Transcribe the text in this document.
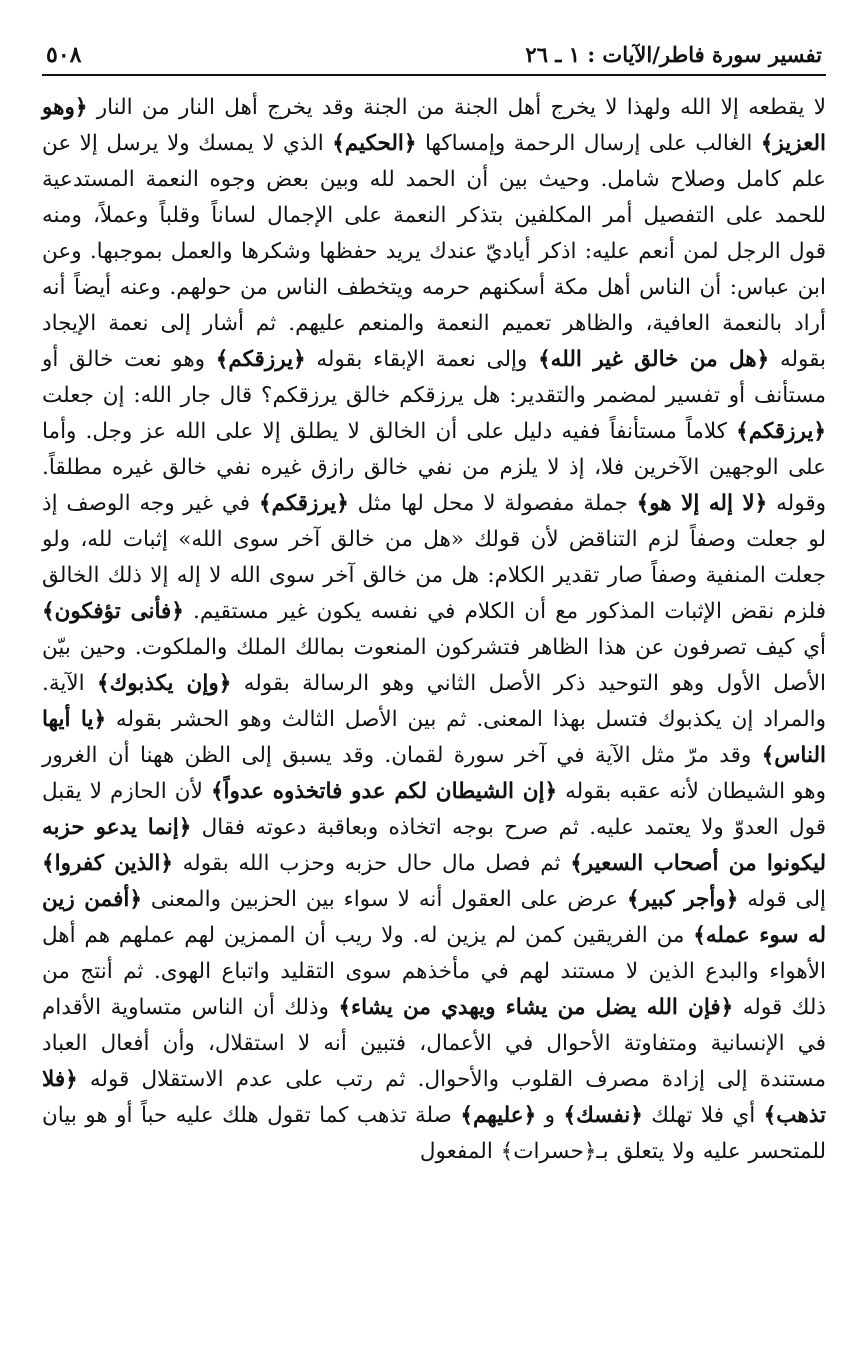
تفسير سورة فاطر/الآيات : ١ ـ ٢٦
٥٠٨
لا يقطعه إلا الله ولهذا لا يخرج أهل الجنة من الجنة وقد يخرج أهل النار من النار ﴿وهو العزيز﴾ الغالب على إرسال الرحمة وإمساكها ﴿الحكيم﴾ الذي لا يمسك ولا يرسل إلا عن علم كامل وصلاح شامل. وحيث بين أن الحمد لله وبين بعض وجوه النعمة المستدعية للحمد على التفصيل أمر المكلفين بتذكر النعمة على الإجمال لساناً وقلباً وعملاً، ومنه قول الرجل لمن أنعم عليه: اذكر أياديّ عندك يريد حفظها وشكرها والعمل بموجبها. وعن ابن عباس: أن الناس أهل مكة أسكنهم حرمه ويتخطف الناس من حولهم. وعنه أيضاً أنه أراد بالنعمة العافية، والظاهر تعميم النعمة والمنعم عليهم. ثم أشار إلى نعمة الإيجاد بقوله ﴿هل من خالق غير الله﴾ وإلى نعمة الإبقاء بقوله ﴿يرزقكم﴾ وهو نعت خالق أو مستأنف أو تفسير لمضمر والتقدير: هل يرزقكم خالق يرزقكم؟ قال جار الله: إن جعلت ﴿يرزقكم﴾ كلاماً مستأنفاً ففيه دليل على أن الخالق لا يطلق إلا على الله عز وجل. وأما على الوجهين الآخرين فلا، إذ لا يلزم من نفي خالق رازق غيره نفي خالق غيره مطلقاً. وقوله ﴿لا إله إلا هو﴾ جملة مفصولة لا محل لها مثل ﴿يرزقكم﴾ في غير وجه الوصف إذ لو جعلت وصفاً لزم التناقض لأن قولك «هل من خالق آخر سوى الله» إثبات لله، ولو جعلت المنفية وصفاً صار تقدير الكلام: هل من خالق آخر سوى الله لا إله إلا ذلك الخالق فلزم نقض الإثبات المذكور مع أن الكلام في نفسه يكون غير مستقيم. ﴿فأنى تؤفكون﴾ أي كيف تصرفون عن هذا الظاهر فتشركون المنعوت بمالك الملك والملكوت. وحين بيّن الأصل الأول وهو التوحيد ذكر الأصل الثاني وهو الرسالة بقوله ﴿وإن يكذبوك﴾ الآية. والمراد إن يكذبوك فتسل بهذا المعنى. ثم بين الأصل الثالث وهو الحشر بقوله ﴿يا أيها الناس﴾ وقد مرّ مثل الآية في آخر سورة لقمان. وقد يسبق إلى الظن ههنا أن الغرور وهو الشيطان لأنه عقبه بقوله ﴿إن الشيطان لكم عدو فاتخذوه عدواً﴾ لأن الحازم لا يقبل قول العدوّ ولا يعتمد عليه. ثم صرح بوجه اتخاذه وبعاقبة دعوته فقال ﴿إنما يدعو حزبه ليكونوا من أصحاب السعير﴾ ثم فصل مال حال حزبه وحزب الله بقوله ﴿الذين كفروا﴾ إلى قوله ﴿وأجر كبير﴾ عرض على العقول أنه لا سواء بين الحزبين والمعنى ﴿أفمن زين له سوء عمله﴾ من الفريقين كمن لم يزين له. ولا ريب أن الممزين لهم عملهم هم أهل الأهواء والبدع الذين لا مستند لهم في مأخذهم سوى التقليد واتباع الهوى. ثم أنتج من ذلك قوله ﴿فإن الله يضل من يشاء ويهدي من يشاء﴾ وذلك أن الناس متساوية الأقدام في الإنسانية ومتفاوتة الأحوال في الأعمال، فتبين أنه لا استقلال، وأن أفعال العباد مستندة إلى إزادة مصرف القلوب والأحوال. ثم رتب على عدم الاستقلال قوله ﴿فلا تذهب﴾ أي فلا تهلك ﴿نفسك﴾ و ﴿عليهم﴾ صلة تذهب كما تقول هلك عليه حباً أو هو بيان للمتحسر عليه ولا يتعلق بـ﴿حسرات﴾ المفعول
